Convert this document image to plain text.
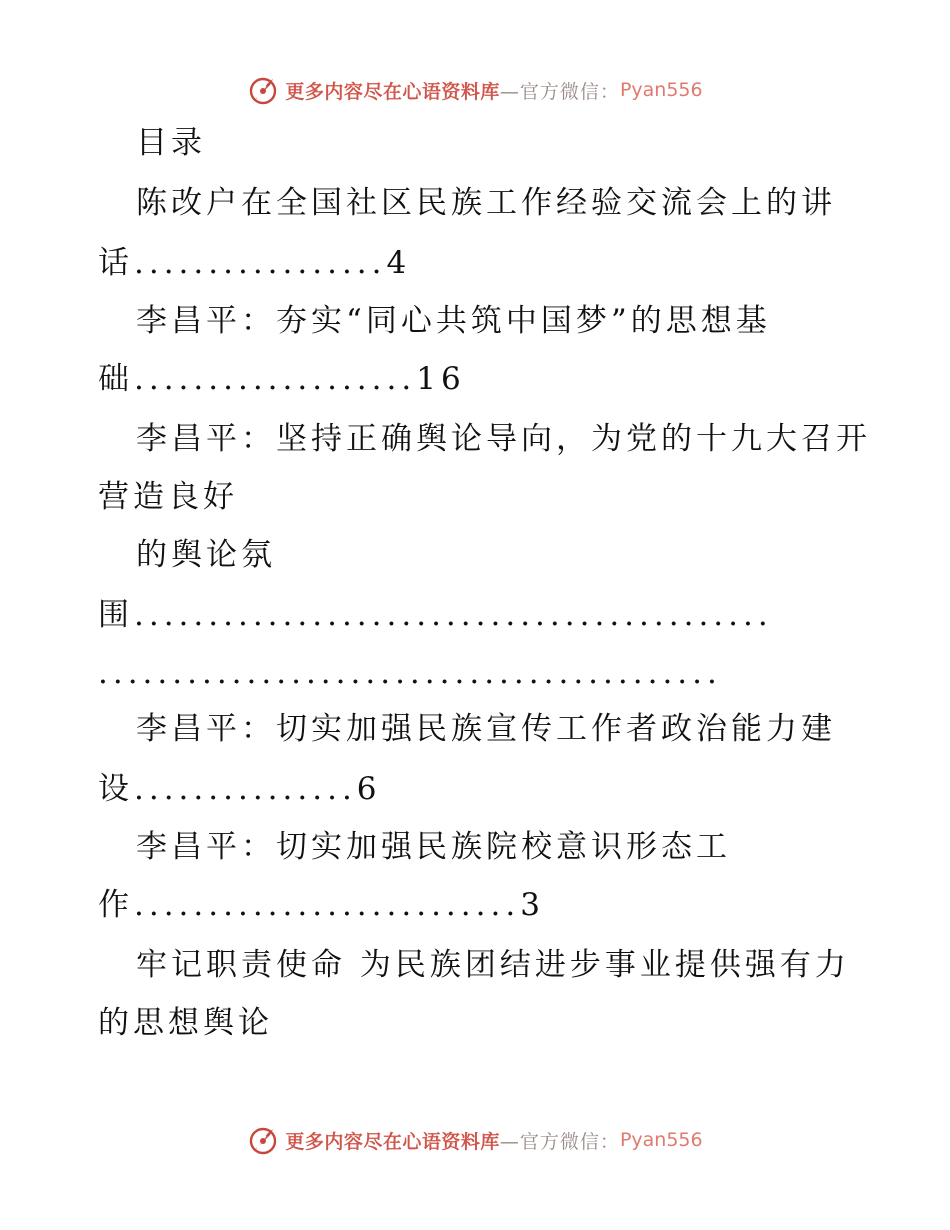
更多内容尽在心语资料库 —官方微信： Pyan556
目录
陈改户在全国社区民族工作经验交流会上的讲
话.................4
李昌平：夯实“同心共筑中国梦”的思想基
础...................16
李昌平：坚持正确舆论导向，为党的十九大召开
营造良好
的舆论氛
围...........................................
..........................................
李昌平：切实加强民族宣传工作者政治能力建
设...............6
李昌平：切实加强民族院校意识形态工
作..........................3
牢记职责使命 为民族团结进步事业提供强有力
的思想舆论
更多内容尽在心语资料库 —官方微信： Pyan556
